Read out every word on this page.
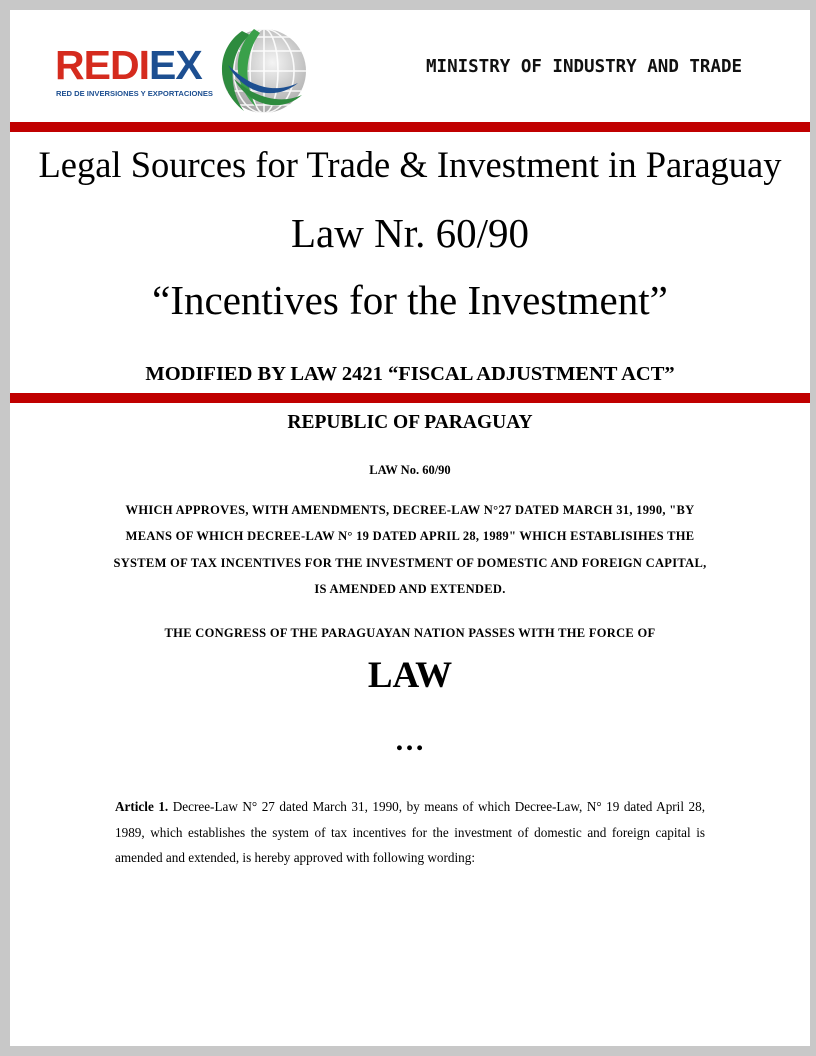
REDIEX
RED DE INVERSIONES Y EXPORTACIONES
MINISTRY OF INDUSTRY AND TRADE
Legal Sources for Trade & Investment in Paraguay
Law Nr. 60/90
“Incentives for the Investment”
MODIFIED BY LAW 2421 “FISCAL ADJUSTMENT ACT”
REPUBLIC OF PARAGUAY
LAW No. 60/90
WHICH APPROVES, WITH AMENDMENTS, DECREE-LAW N°27 DATED MARCH 31, 1990, "BY MEANS OF WHICH DECREE-LAW N° 19 DATED APRIL 28, 1989" WHICH ESTABLISIHES THE SYSTEM OF TAX INCENTIVES FOR THE INVESTMENT OF DOMESTIC AND FOREIGN CAPITAL, IS AMENDED AND EXTENDED.
THE CONGRESS OF THE PARAGUAYAN NATION PASSES WITH THE FORCE OF
LAW
…
Article 1. Decree-Law N° 27 dated March 31, 1990, by means of which Decree-Law, N° 19 dated April 28, 1989, which establishes the system of tax incentives for the investment of domestic and foreign capital is amended and extended, is hereby approved with following wording:
